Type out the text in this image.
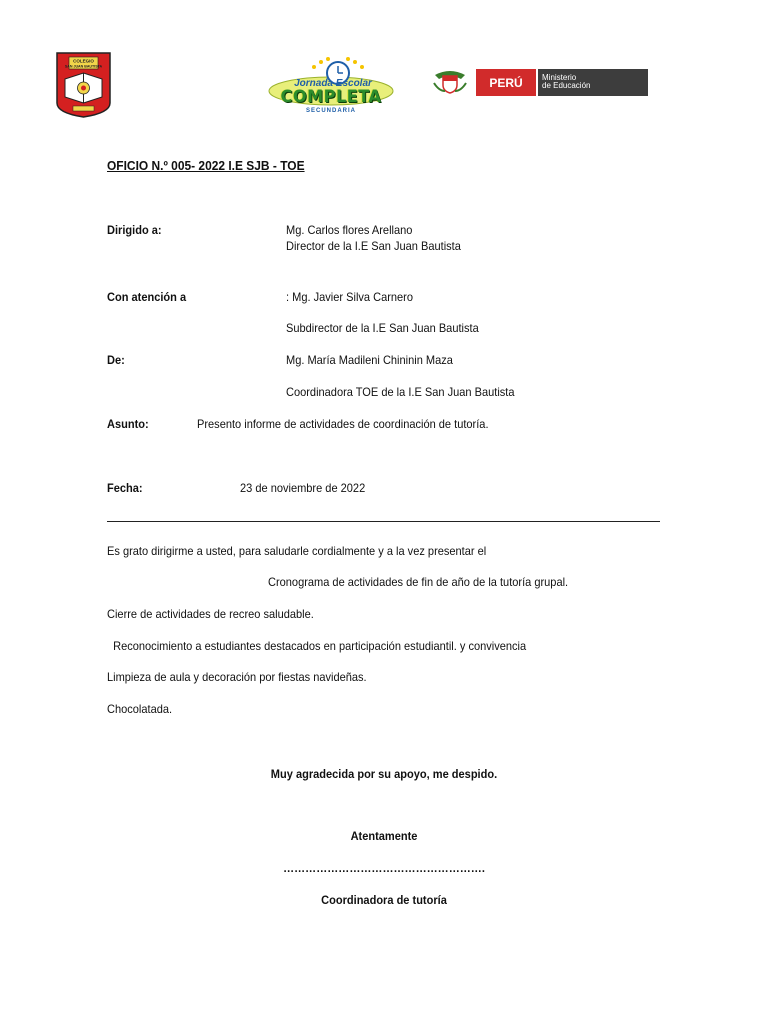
COLEGIO
SAN JUAN BAUTISTA
Jornada Escolar
COMPLETA
SECUNDARIA
PERÚ	Ministerio
de Educación
OFICIO N.º 005- 2022 I.E SJB - TOE
Dirigido a:	Mg. Carlos flores Arellano
Director de la I.E San Juan Bautista
Con atención a	: Mg. Javier Silva Carnero
Subdirector de la I.E San Juan Bautista
De:	Mg. María Madileni Chininin Maza
Coordinadora TOE de la I.E San Juan Bautista
Asunto:	Presento informe de actividades de coordinación de tutoría.
Fecha:	23 de noviembre de 2022
Es grato dirigirme a usted, para saludarle cordialmente y a la vez presentar el
Cronograma de actividades de fin de año de la tutoría grupal.
Cierre de actividades de recreo saludable.
Reconocimiento a estudiantes destacados en participación estudiantil. y convivencia
Limpieza de aula y decoración por fiestas navideñas.
Chocolatada.
Muy agradecida por su apoyo, me despido.
Atentamente
……………………………………………….
Coordinadora de tutoría
